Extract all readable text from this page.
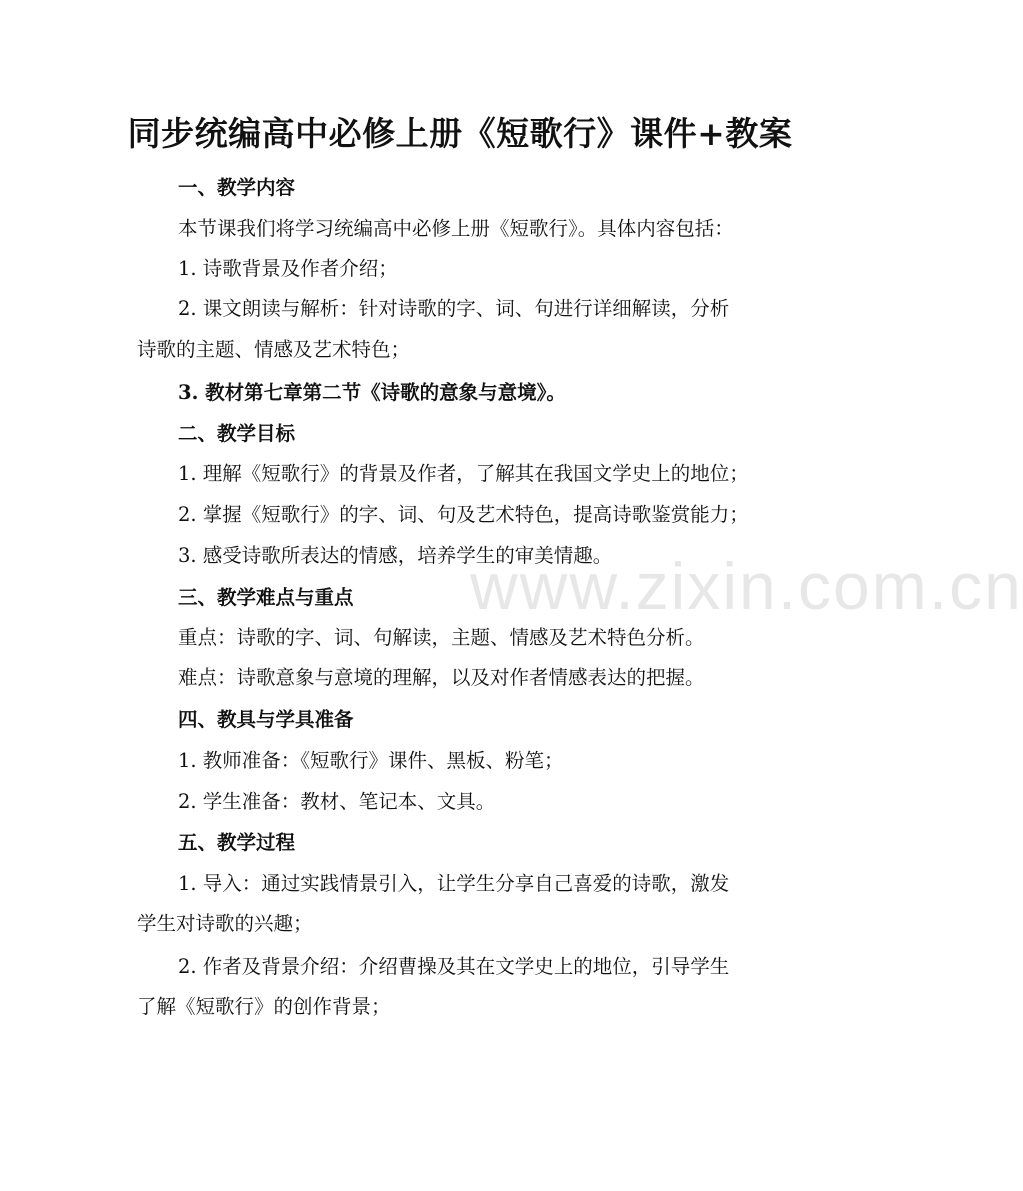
同步统编高中必修上册《短歌行》课件+教案
一、教学内容
本节课我们将学习统编高中必修上册《短歌行》。具体内容包括：
1. 诗歌背景及作者介绍；
2. 课文朗读与解析：针对诗歌的字、词、句进行详细解读，分析
诗歌的主题、情感及艺术特色；
3. 教材第七章第二节《诗歌的意象与意境》。
二、教学目标
1. 理解《短歌行》的背景及作者，了解其在我国文学史上的地位；
2. 掌握《短歌行》的字、词、句及艺术特色，提高诗歌鉴赏能力；
3. 感受诗歌所表达的情感，培养学生的审美情趣。
三、教学难点与重点
重点：诗歌的字、词、句解读，主题、情感及艺术特色分析。
难点：诗歌意象与意境的理解，以及对作者情感表达的把握。
四、教具与学具准备
1. 教师准备：《短歌行》课件、黑板、粉笔；
2. 学生准备：教材、笔记本、文具。
五、教学过程
1. 导入：通过实践情景引入，让学生分享自己喜爱的诗歌，激发
学生对诗歌的兴趣；
2. 作者及背景介绍：介绍曹操及其在文学史上的地位，引导学生
了解《短歌行》的创作背景；
www.zixin.com.cn
